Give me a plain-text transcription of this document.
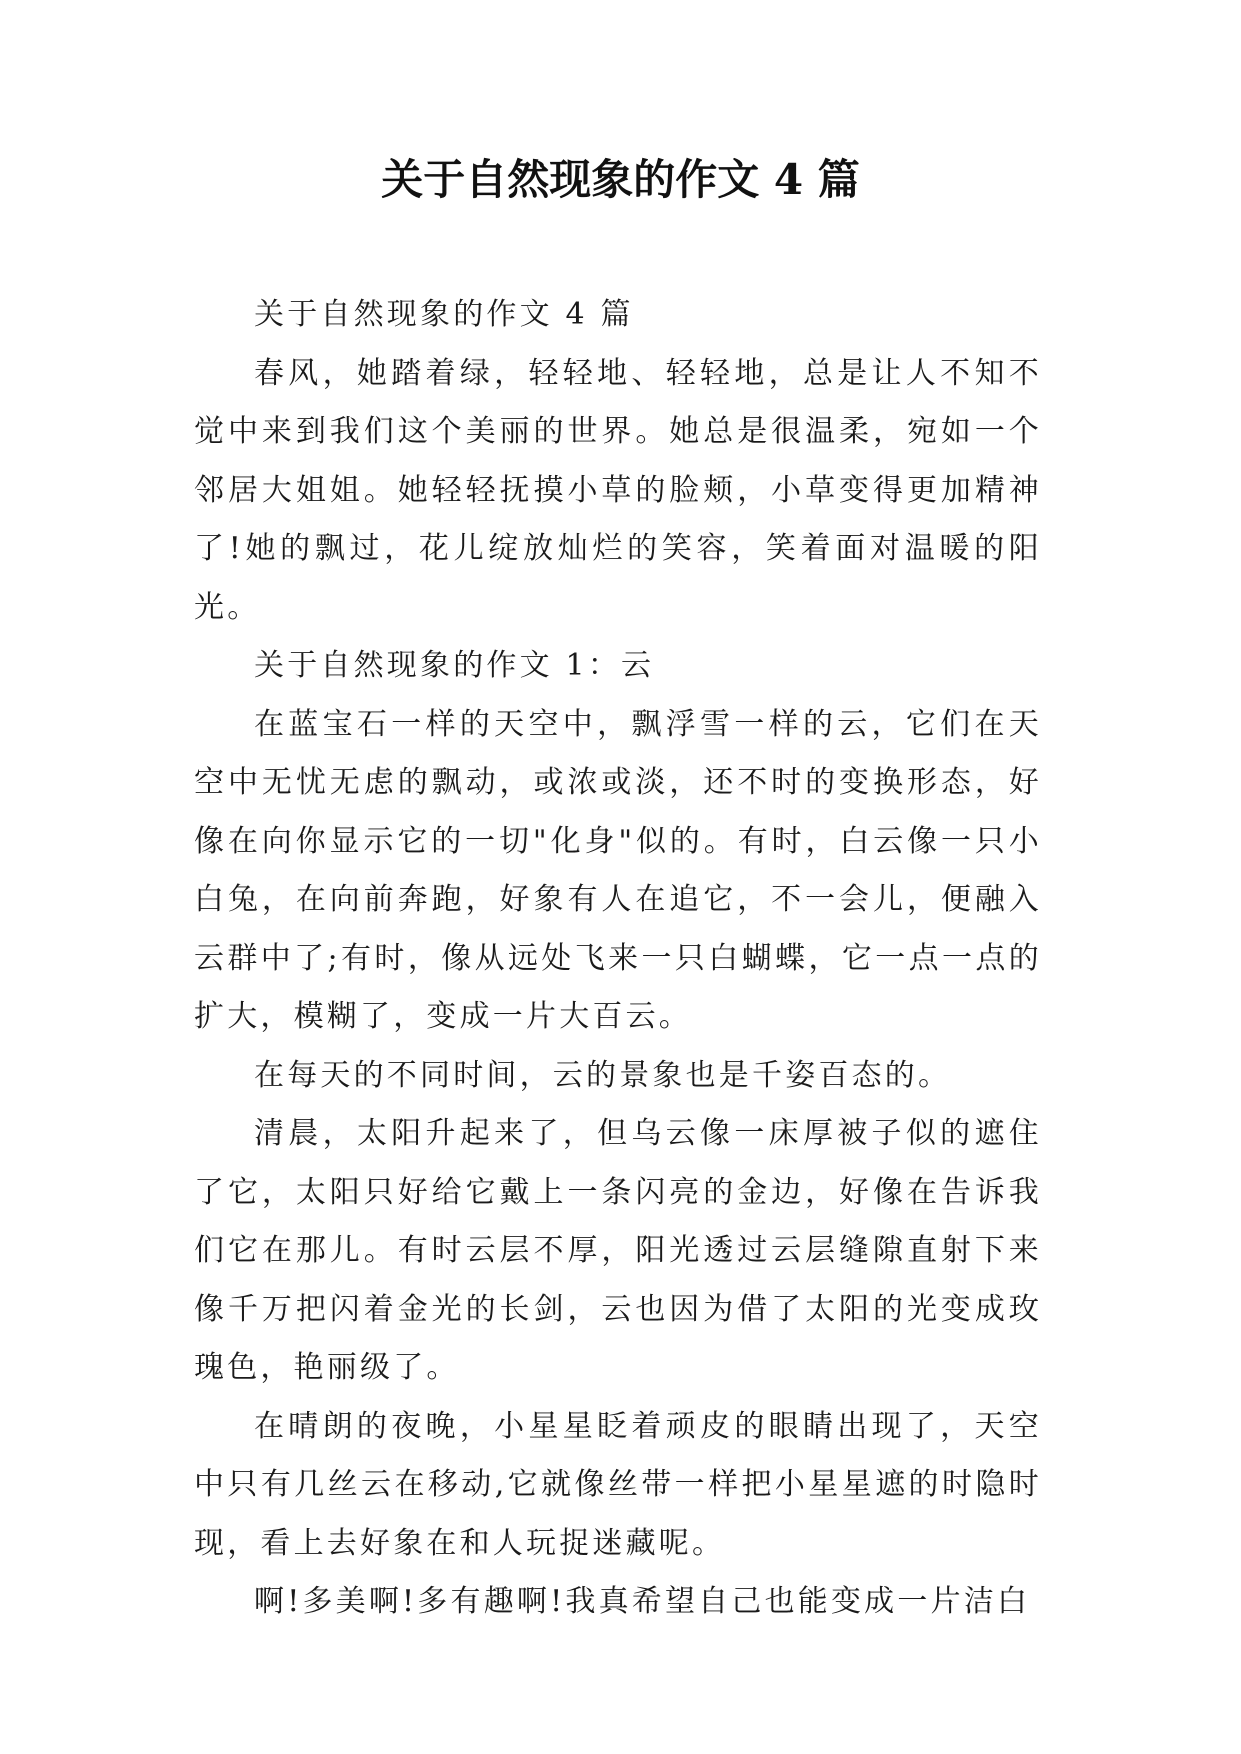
关于自然现象的作文 4 篇

关于自然现象的作文 4 篇

春风，她踏着绿，轻轻地、轻轻地，总是让人不知不觉中来到我们这个美丽的世界。她总是很温柔，宛如一个邻居大姐姐。她轻轻抚摸小草的脸颊，小草变得更加精神了!她的飘过，花儿绽放灿烂的笑容，笑着面对温暖的阳光。

关于自然现象的作文 1：云

在蓝宝石一样的天空中，飘浮雪一样的云，它们在天空中无忧无虑的飘动，或浓或淡，还不时的变换形态，好像在向你显示它的一切"化身"似的。有时，白云像一只小白兔，在向前奔跑，好象有人在追它，不一会儿，便融入云群中了;有时，像从远处飞来一只白蝴蝶，它一点一点的扩大，模糊了，变成一片大百云。

在每天的不同时间，云的景象也是千姿百态的。

清晨，太阳升起来了，但乌云像一床厚被子似的遮住了它，太阳只好给它戴上一条闪亮的金边，好像在告诉我们它在那儿。有时云层不厚，阳光透过云层缝隙直射下来像千万把闪着金光的长剑，云也因为借了太阳的光变成玫瑰色，艳丽级了。

在晴朗的夜晚，小星星眨着顽皮的眼睛出现了，天空中只有几丝云在移动,它就像丝带一样把小星星遮的时隐时现，看上去好象在和人玩捉迷藏呢。

啊!多美啊!多有趣啊!我真希望自己也能变成一片洁白
